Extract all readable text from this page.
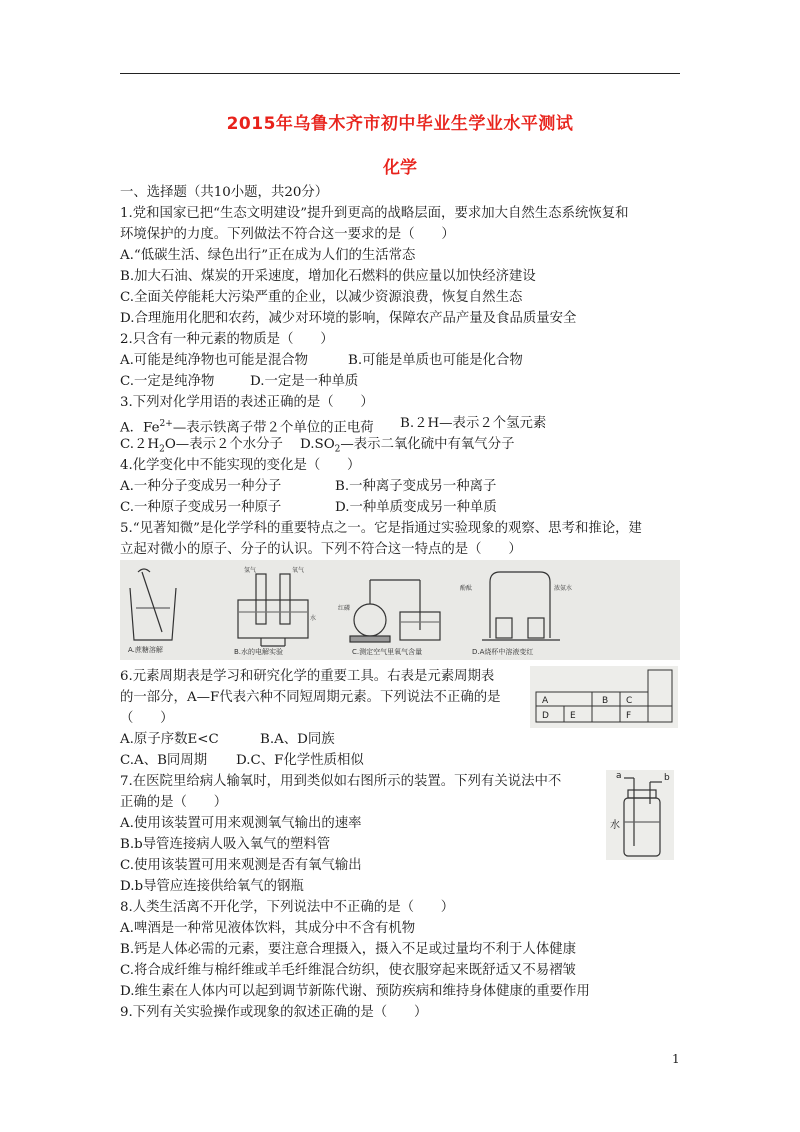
2015年乌鲁木齐市初中毕业生学业水平测试
化学
一、选择题（共10小题，共20分）
1.党和国家已把“生态文明建设”提升到更高的战略层面，要求加大自然生态系统恢复和
环境保护的力度。下列做法不符合这一要求的是（　　）
A.“低碳生活、绿色出行”正在成为人们的生活常态
B.加大石油、煤炭的开采速度，增加化石燃料的供应量以加快经济建设
C.全面关停能耗大污染严重的企业，以减少资源浪费，恢复自然生态
D.合理施用化肥和农药，减少对环境的影响，保障农产品产量及食品质量安全
2.只含有一种元素的物质是（　　）
A.可能是纯净物也可能是混合物	B.可能是单质也可能是化合物
C.一定是纯净物	D.一定是一种单质
3.下列对化学用语的表述正确的是（　　）
A．$Fe^{2+}—$表示铁离子带２个单位的正电荷 B.２H—表示２个氢元素
$C.2H_2O—$表示２个水分子 $D.SO_2—$表示二氧化硫中有氧气分子
4.化学变化中不能实现的变化是（　　）
A.一种分子变成另一种分子	B.一种离子变成另一种离子
C.一种原子变成另一种原子	D.一种单质变成另一种单质
5.“见著知微”是化学学科的重要特点之一。它是指通过实验现象的观察、思考和推论，建
立起对微小的原子、分子的认识。下列不符合这一特点的是（　　）
A.蔗糖溶解
氢气	氧气
水
B.水的电解实验
红磷
C.测定空气里氧气含量
酚酞	浓氨水
D.A烧杯中溶液变红
6.元素周期表是学习和研究化学的重要工具。右表是元素周期表
的一部分，A—F代表六种不同短周期元素。下列说法不正确的是
（　　）
A.原子序数E<C	B.A、D同族
C.A、B同周期 D.C、F化学性质相似
A	B C
D E	F
7.在医院里给病人输氧时，用到类似如右图所示的装置。下列有关说法中不
正确的是（　　）
A.使用该装置可用来观测氧气输出的速率
B.b导管连接病人吸入氧气的塑料管
C.使用该装置可用来观测是否有氧气输出
D.b导管应连接供给氧气的钢瓶
a	b
水
8.人类生活离不开化学，下列说法中不正确的是（　　）
A.啤酒是一种常见液体饮料，其成分中不含有机物
B.钙是人体必需的元素，要注意合理摄入，摄入不足或过量均不利于人体健康
C.将合成纤维与棉纤维或羊毛纤维混合纺织，使衣服穿起来既舒适又不易褶皱
D.维生素在人体内可以起到调节新陈代谢、预防疾病和维持身体健康的重要作用
9.下列有关实验操作或现象的叙述正确的是（　　）
1
